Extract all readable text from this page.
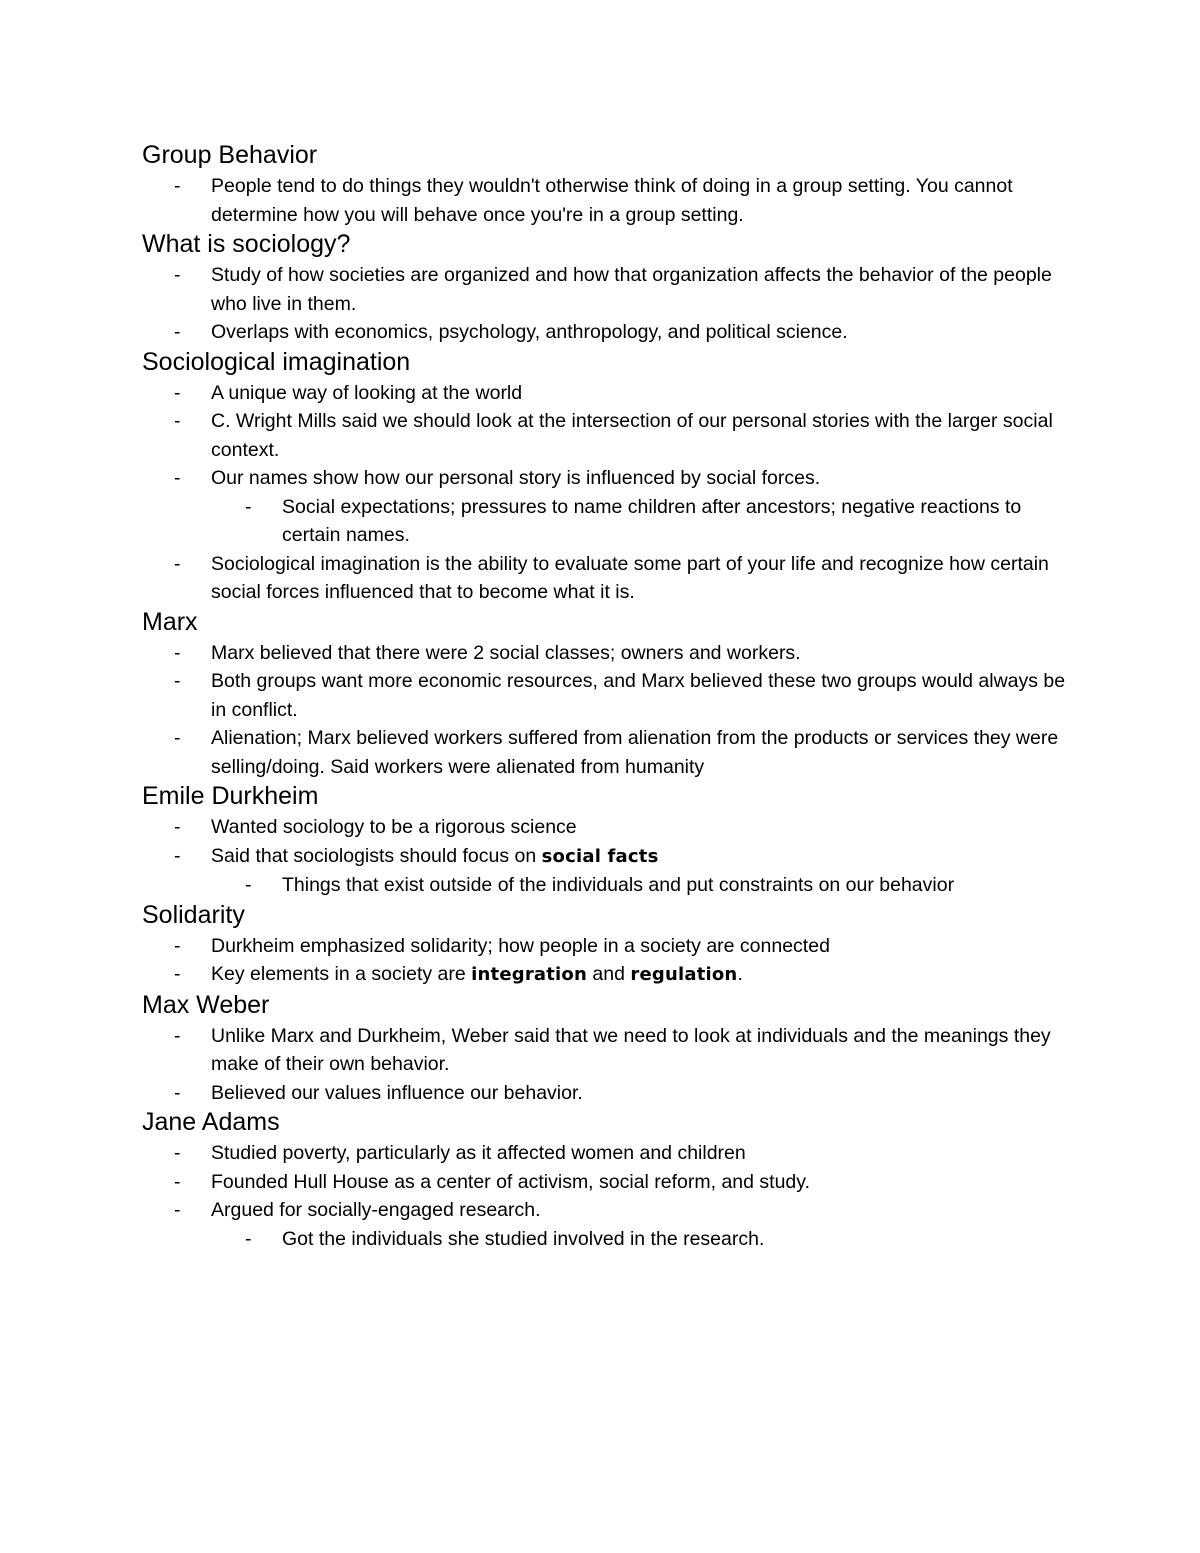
Group Behavior
- People tend to do things they wouldn't otherwise think of doing in a group setting. You cannot determine how you will behave once you're in a group setting.
What is sociology?
- Study of how societies are organized and how that organization affects the behavior of the people who live in them.
- Overlaps with economics, psychology, anthropology, and political science.
Sociological imagination
- A unique way of looking at the world
- C. Wright Mills said we should look at the intersection of our personal stories with the larger social context.
- Our names show how our personal story is influenced by social forces.
- Social expectations; pressures to name children after ancestors; negative reactions to certain names.
- Sociological imagination is the ability to evaluate some part of your life and recognize how certain social forces influenced that to become what it is.
Marx
- Marx believed that there were 2 social classes; owners and workers.
- Both groups want more economic resources, and Marx believed these two groups would always be in conflict.
- Alienation; Marx believed workers suffered from alienation from the products or services they were selling/doing. Said workers were alienated from humanity
Emile Durkheim
- Wanted sociology to be a rigorous science
- Said that sociologists should focus on social facts
- Things that exist outside of the individuals and put constraints on our behavior
Solidarity
- Durkheim emphasized solidarity; how people in a society are connected
- Key elements in a society are integration and regulation.
Max Weber
- Unlike Marx and Durkheim, Weber said that we need to look at individuals and the meanings they make of their own behavior.
- Believed our values influence our behavior.
Jane Adams
- Studied poverty, particularly as it affected women and children
- Founded Hull House as a center of activism, social reform, and study.
- Argued for socially-engaged research.
- Got the individuals she studied involved in the research.
